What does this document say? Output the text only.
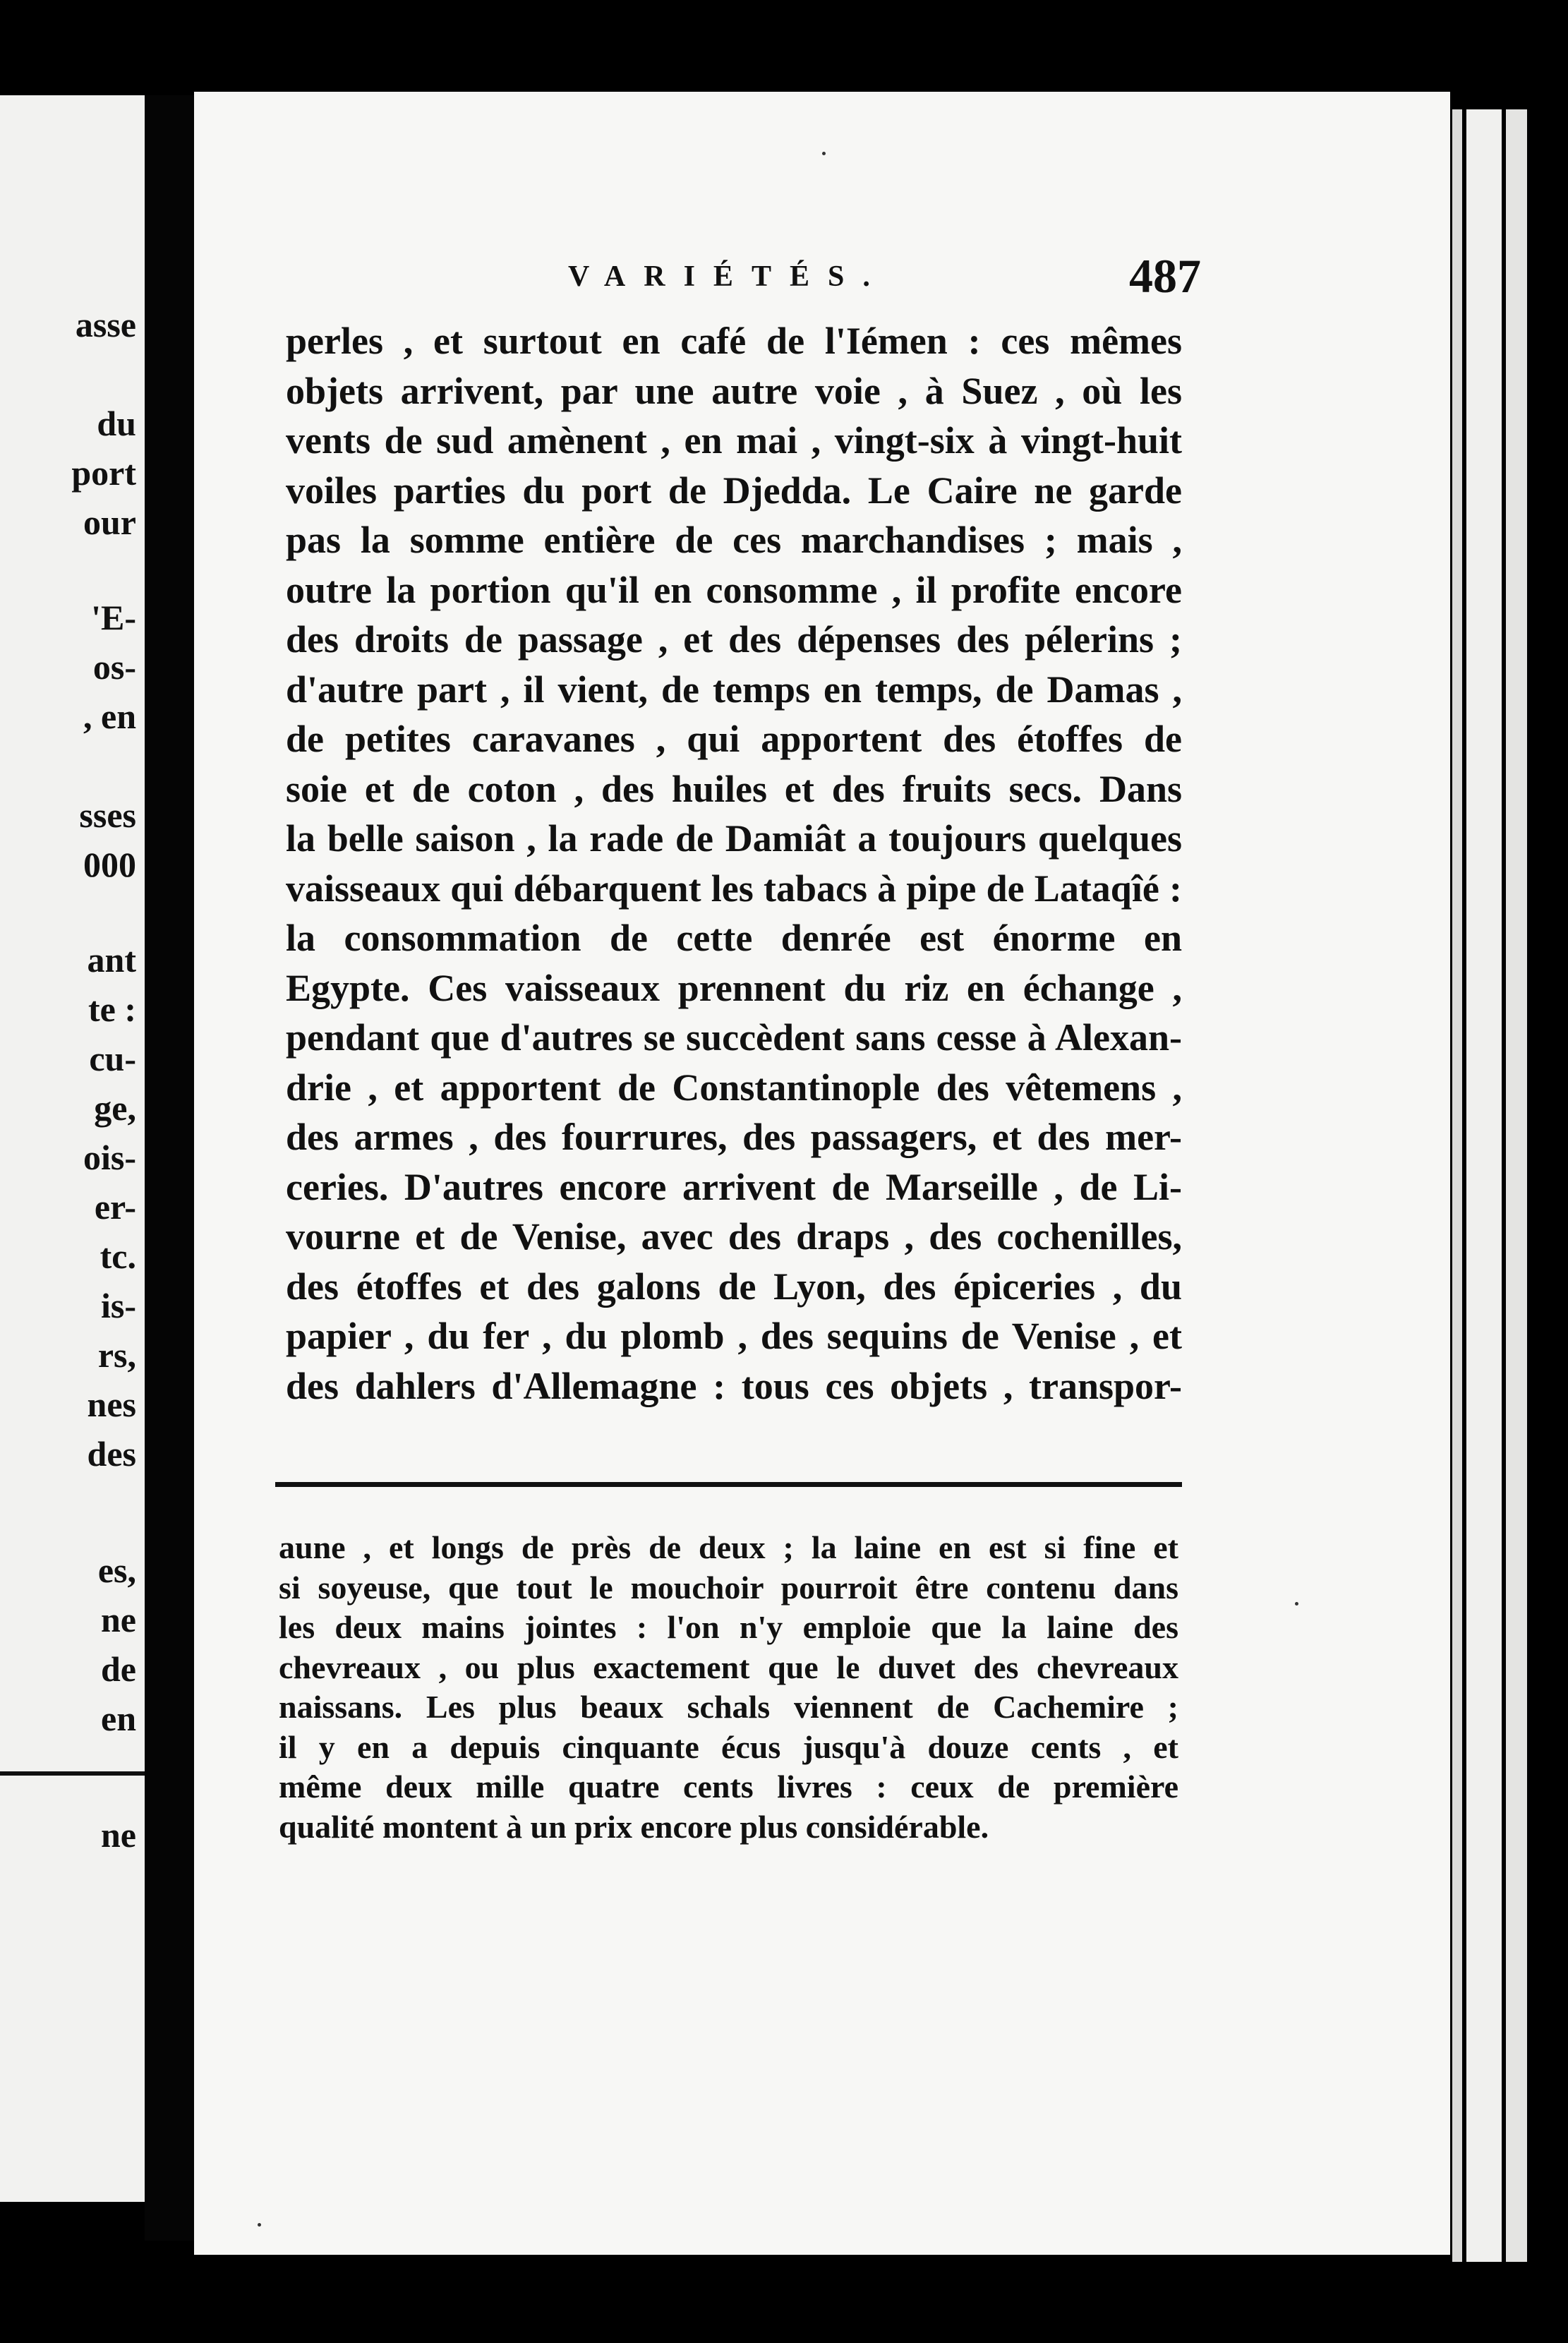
asse
du
port
our
'E-
os-
, en
sses
000
ant
te :
cu-
ge,
ois-
er-
tc.
is-
rs,
nes
des
es,
ne
de
en
ne
VARIÉTÉS.	487
perles , et surtout en café de l'Iémen : ces mêmes
objets arrivent, par une autre voie , à Suez , où les
vents de sud amènent , en mai , vingt-six à vingt-huit
voiles parties du port de Djedda. Le Caire ne garde
pas la somme entière de ces marchandises ; mais ,
outre la portion qu'il en consomme , il profite encore
des droits de passage , et des dépenses des pélerins ;
d'autre part , il vient, de temps en temps, de Damas ,
de petites caravanes , qui apportent des étoffes de
soie et de coton , des huiles et des fruits secs. Dans
la belle saison , la rade de Damiât a toujours quelques
vaisseaux qui débarquent les tabacs à pipe de Lataqîé :
la consommation de cette denrée est énorme en
Egypte. Ces vaisseaux prennent du riz en échange ,
pendant que d'autres se succèdent sans cesse à Alexan-
drie , et apportent de Constantinople des vêtemens ,
des armes , des fourrures, des passagers, et des mer-
ceries. D'autres encore arrivent de Marseille , de Li-
vourne et de Venise, avec des draps , des cochenilles,
des étoffes et des galons de Lyon, des épiceries , du
papier , du fer , du plomb , des sequins de Venise , et
des dahlers d'Allemagne : tous ces objets , transpor-
aune , et longs de près de deux ; la laine en est si fine et
si soyeuse, que tout le mouchoir pourroit être contenu dans
les deux mains jointes : l'on n'y emploie que la laine des
chevreaux , ou plus exactement que le duvet des chevreaux
naissans. Les plus beaux schals viennent de Cachemire ;
il y en a depuis cinquante écus jusqu'à douze cents , et
même deux mille quatre cents livres : ceux de première
qualité montent à un prix encore plus considérable.
